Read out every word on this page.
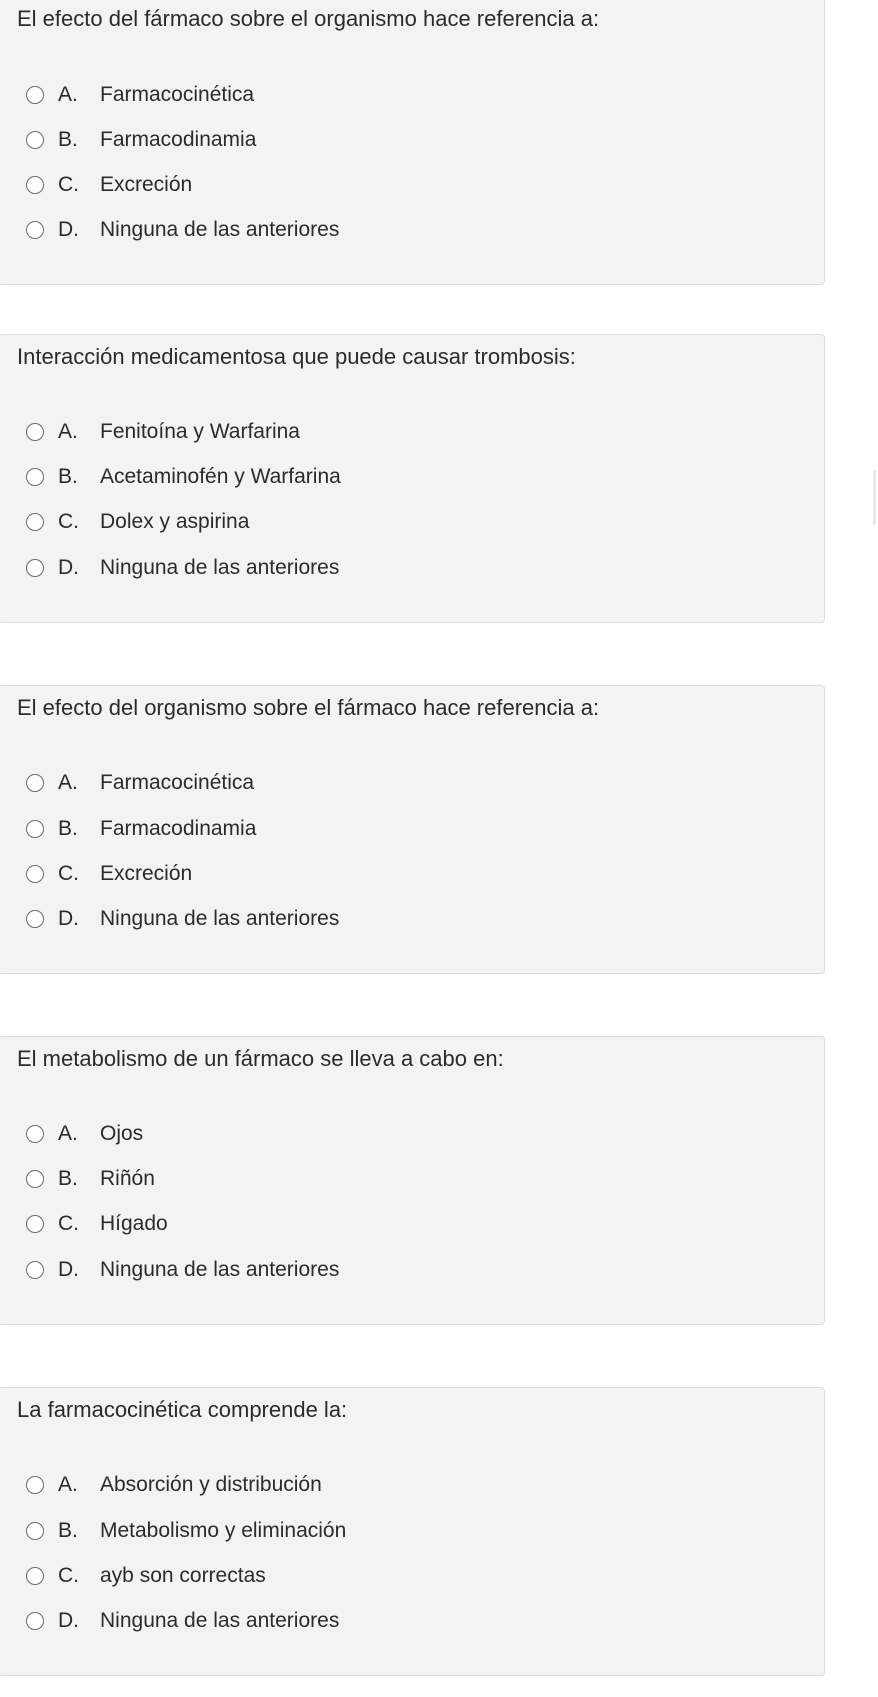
El efecto del fármaco sobre el organismo hace referencia a:
A.	Farmacocinética
B.	Farmacodinamia
C.	Excreción
D.	Ninguna de las anteriores
Interacción medicamentosa que puede causar trombosis:
A.	Fenitoína y Warfarina
B.	Acetaminofén y Warfarina
C.	Dolex y aspirina
D.	Ninguna de las anteriores
El efecto del organismo sobre el fármaco hace referencia a:
A.	Farmacocinética
B.	Farmacodinamia
C.	Excreción
D.	Ninguna de las anteriores
El metabolismo de un fármaco se lleva a cabo en:
A.	Ojos
B.	Riñón
C.	Hígado
D.	Ninguna de las anteriores
La farmacocinética comprende la:
A.	Absorción y distribución
B.	Metabolismo y eliminación
C.	ayb son correctas
D.	Ninguna de las anteriores
